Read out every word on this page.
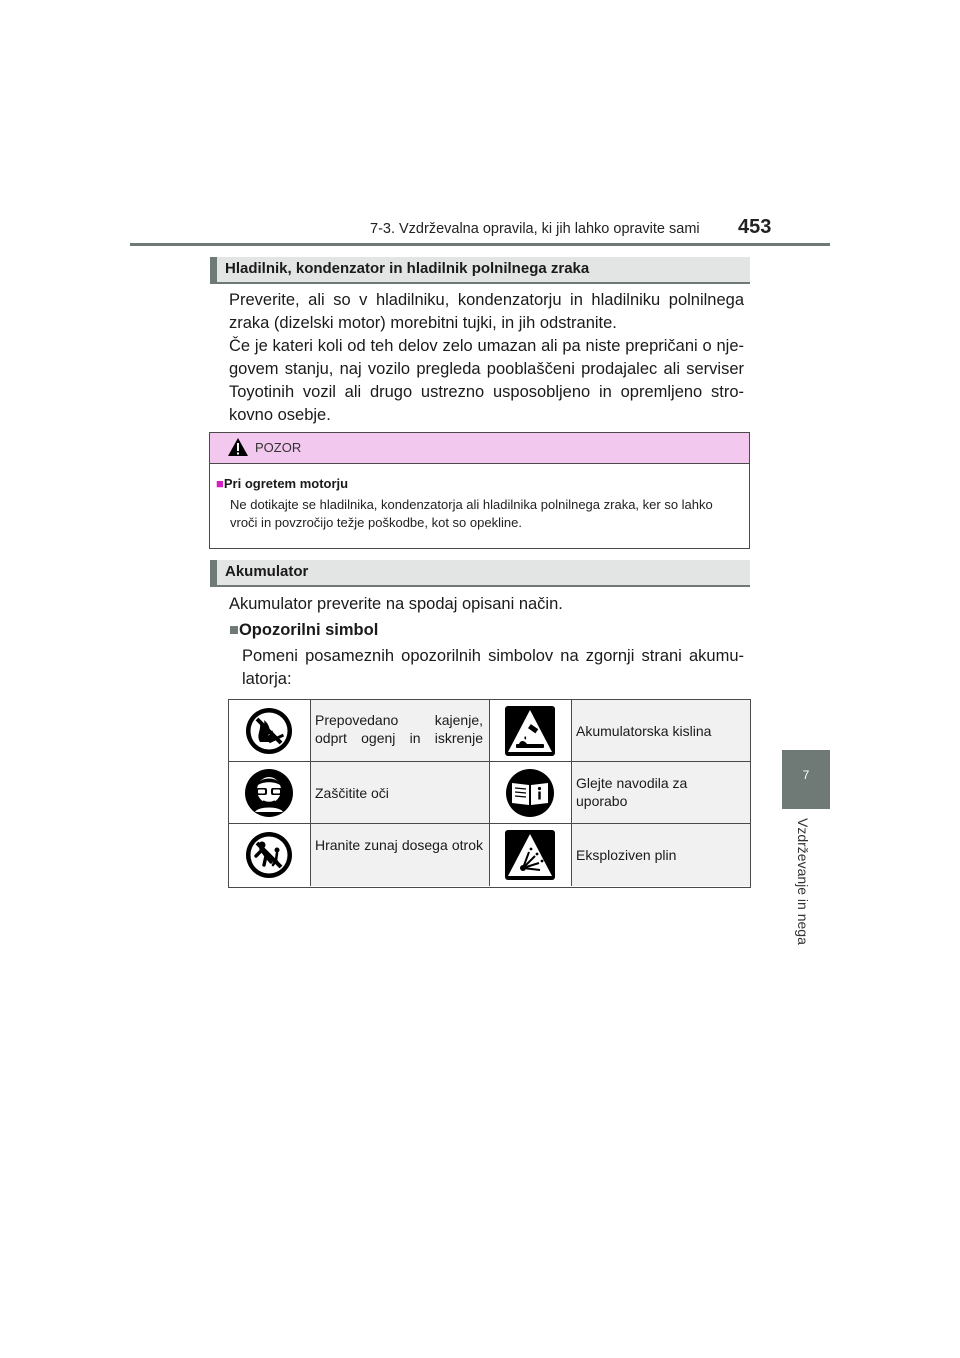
7-3. Vzdrževalna opravila, ki jih lahko opravite sami 453
7
Vzdrževanje in nega
Hladilnik, kondenzator in hladilnik polnilnega zraka
Preverite, ali so v hladilniku, kondenzatorju in hladilniku polnilnega zraka (dizelski motor) morebitni tujki, in jih odstranite.
Če je kateri koli od teh delov zelo umazan ali pa niste prepričani o nje-govem stanju, naj vozilo pregleda pooblaščeni prodajalec ali serviser Toyotinih vozil ali drugo ustrezno usposobljeno in opremljeno stro-kovno osebje.
POZOR
■Pri ogretem motorju
Ne dotikajte se hladilnika, kondenzatorja ali hladilnika polnilnega zraka, ker so lahko vroči in povzročijo težje poškodbe, kot so opekline.
Akumulator
Akumulator preverite na spodaj opisani način.
■Opozorilni simbol
Pomeni posameznih opozorilnih simbolov na zgornji strani akumu-latorja:
Prepovedano kajenje, odprt ogenj in iskrenje	Akumulatorska kislina
Zaščitite oči
Glejte navodila za uporabo
Hranite zunaj dosega otrok
Eksploziven plin
